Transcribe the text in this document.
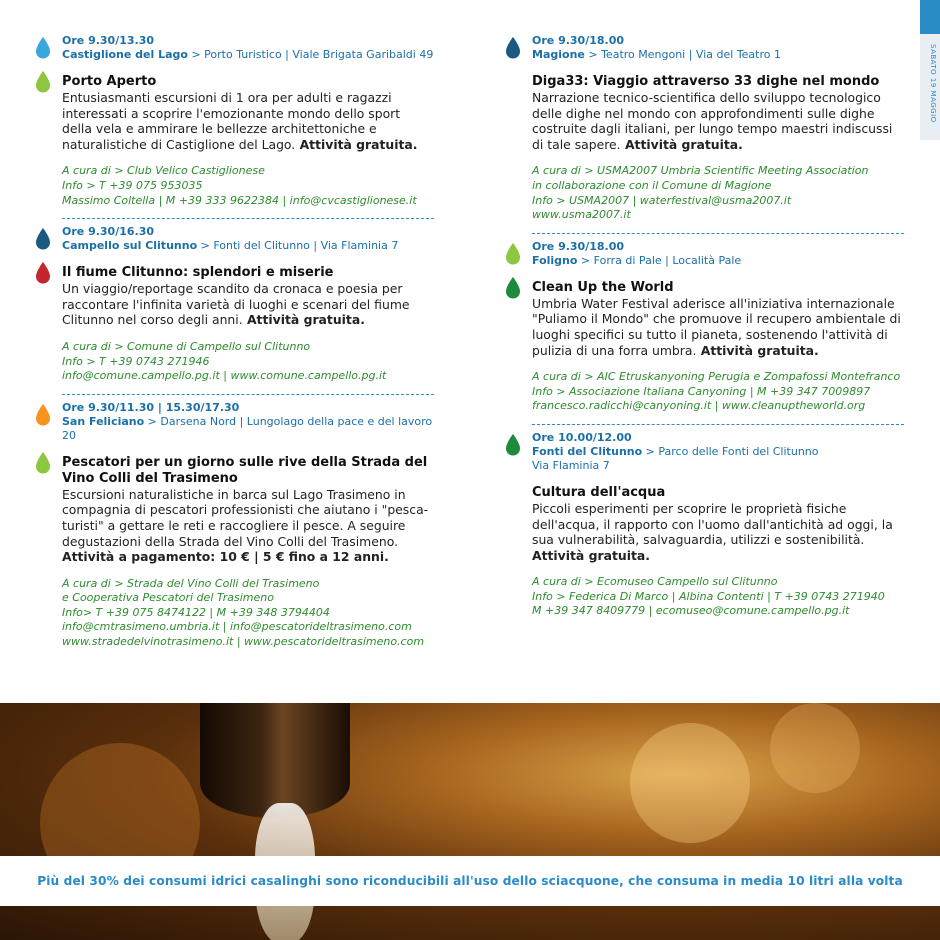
SABATO 19 MAGGIO
Ore 9.30/13.30
Castiglione del Lago > Porto Turistico | Viale Brigata Garibaldi 49
Porto Aperto
Entusiasmanti escursioni di 1 ora per adulti e ragazzi interessati a scoprire l'emozionante mondo dello sport della vela e ammirare le bellezze architettoniche e naturalistiche di Castiglione del Lago. Attività gratuita.
A cura di > Club Velico Castiglionese
Info > T +39 075 953035
Massimo Coltella | M +39 333 9622384 | info@cvcastiglionese.it
Ore 9.30/16.30
Campello sul Clitunno > Fonti del Clitunno | Via Flaminia 7
Il fiume Clitunno: splendori e miserie
Un viaggio/reportage scandito da cronaca e poesia per raccontare l'infinita varietà di luoghi e scenari del fiume Clitunno nel corso degli anni. Attività gratuita.
A cura di > Comune di Campello sul Clitunno
Info > T +39 0743 271946
info@comune.campello.pg.it | www.comune.campello.pg.it
Ore 9.30/11.30 | 15.30/17.30
San Feliciano > Darsena Nord | Lungolago della pace e del lavoro 20
Pescatori per un giorno sulle rive della Strada del Vino Colli del Trasimeno
Escursioni naturalistiche in barca sul Lago Trasimeno in compagnia di pescatori professionisti che aiutano i "pesca-turisti" a gettare le reti e raccogliere il pesce. A seguire degustazioni della Strada del Vino Colli del Trasimeno. Attività a pagamento: 10 € | 5 € fino a 12 anni.
A cura di > Strada del Vino Colli del Trasimeno
e Cooperativa Pescatori del Trasimeno
Info> T +39 075 8474122 | M +39 348 3794404
info@cmtrasimeno.umbria.it | info@pescatorideltrasimeno.com
www.stradedelvinotrasimeno.it | www.pescatorideltrasimeno.com
Ore 9.30/18.00
Magione > Teatro Mengoni | Via del Teatro 1
Diga33: Viaggio attraverso 33 dighe nel mondo
Narrazione tecnico-scientifica dello sviluppo tecnologico delle dighe nel mondo con approfondimenti sulle dighe costruite dagli italiani, per lungo tempo maestri indiscussi di tale sapere. Attività gratuita.
A cura di > USMA2007 Umbria Scientific Meeting Association
in collaborazione con il Comune di Magione
Info > USMA2007 | waterfestival@usma2007.it
www.usma2007.it
Ore 9.30/18.00
Foligno > Forra di Pale | Località Pale
Clean Up the World
Umbria Water Festival aderisce all'iniziativa internazionale "Puliamo il Mondo" che promuove il recupero ambientale di luoghi specifici su tutto il pianeta, sostenendo l'attività di pulizia di una forra umbra. Attività gratuita.
A cura di > AIC Etruskanyoning Perugia e Zompafossi Montefranco
Info > Associazione Italiana Canyoning | M +39 347 7009897
francesco.radicchi@canyoning.it | www.cleanuptheworld.org
Ore 10.00/12.00
Fonti del Clitunno > Parco delle Fonti del Clitunno
Via Flaminia 7
Cultura dell'acqua
Piccoli esperimenti per scoprire le proprietà fisiche dell'acqua, il rapporto con l'uomo dall'antichità ad oggi, la sua vulnerabilità, salvaguardia, utilizzi e sostenibilità. Attività gratuita.
A cura di > Ecomuseo Campello sul Clitunno
Info > Federica Di Marco | Albina Contenti | T +39 0743 271940
M +39 347 8409779 | ecomuseo@comune.campello.pg.it
Più del 30% dei consumi idrici casalinghi sono riconducibili all'uso dello sciacquone, che consuma in media 10 litri alla volta
